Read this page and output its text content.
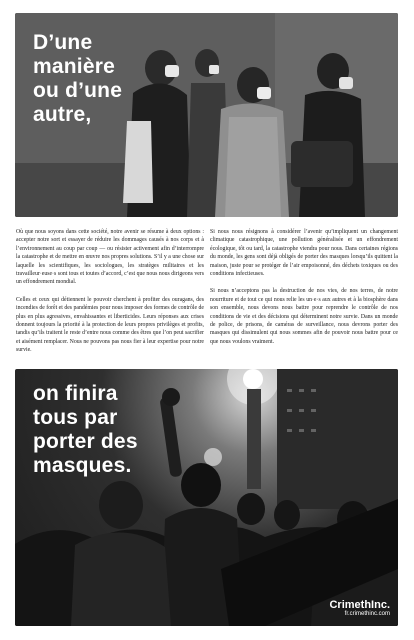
D’une
manière
ou d’une
autre,

Où que nous soyons dans cette société, notre avenir se résume à deux options : accepter notre sort et essayer de réduire les dommages causés à nos corps et à l’environnement au coup par coup — ou résister activement afin d’interrompre la catastrophe et de mettre en œuvre nos propres solutions. S’il y a une chose sur laquelle les scientifiques, les sociologues, les stratèges militaires et les travailleur·euse·s sont tous et toutes d’accord, c’est que nous nous dirigeons vers un effondrement mondial.

Celles et ceux qui détiennent le pouvoir cherchent à profiter des ouragans, des incendies de forêt et des pandémies pour nous imposer des formes de contrôle de plus en plus agressives, envahissantes et liberticides. Leurs réponses aux crises donnent toujours la priorité à la protection de leurs propres privilèges et profits, tandis qu’ils traitent le reste d’entre nous comme des êtres que l’on peut sacrifier et aisément remplacer. Nous ne pouvons pas nous fier à leur expertise pour notre survie.

Si nous nous résignons à considérer l’avenir qu’impliquent un changement climatique catastrophique, une pollution généralisée et un effondrement écologique, tôt ou tard, la catastrophe viendra pour nous. Dans certaines régions du monde, les gens sont déjà obligés de porter des masques lorsqu’ils quittent la maison, juste pour se protéger de l’air empoisonné, des déchets toxiques ou des conditions infectieuses.

Si nous n’acceptons pas la destruction de nos vies, de nos terres, de notre nourriture et de tout ce qui nous relie les un·e·s aux autres et à la biosphère dans son ensemble, nous devons nous battre pour reprendre le contrôle de nos conditions de vie et des décisions qui déterminent notre survie. Dans un monde de police, de prisons, de caméras de surveillance, nous devrons porter des masques qui dissimulent qui nous sommes afin de pouvoir nous battre pour ce que nous voulons vraiment.

on finira
tous par
porter des
masques.
CrimethInc.
fr.crimethinc.com
